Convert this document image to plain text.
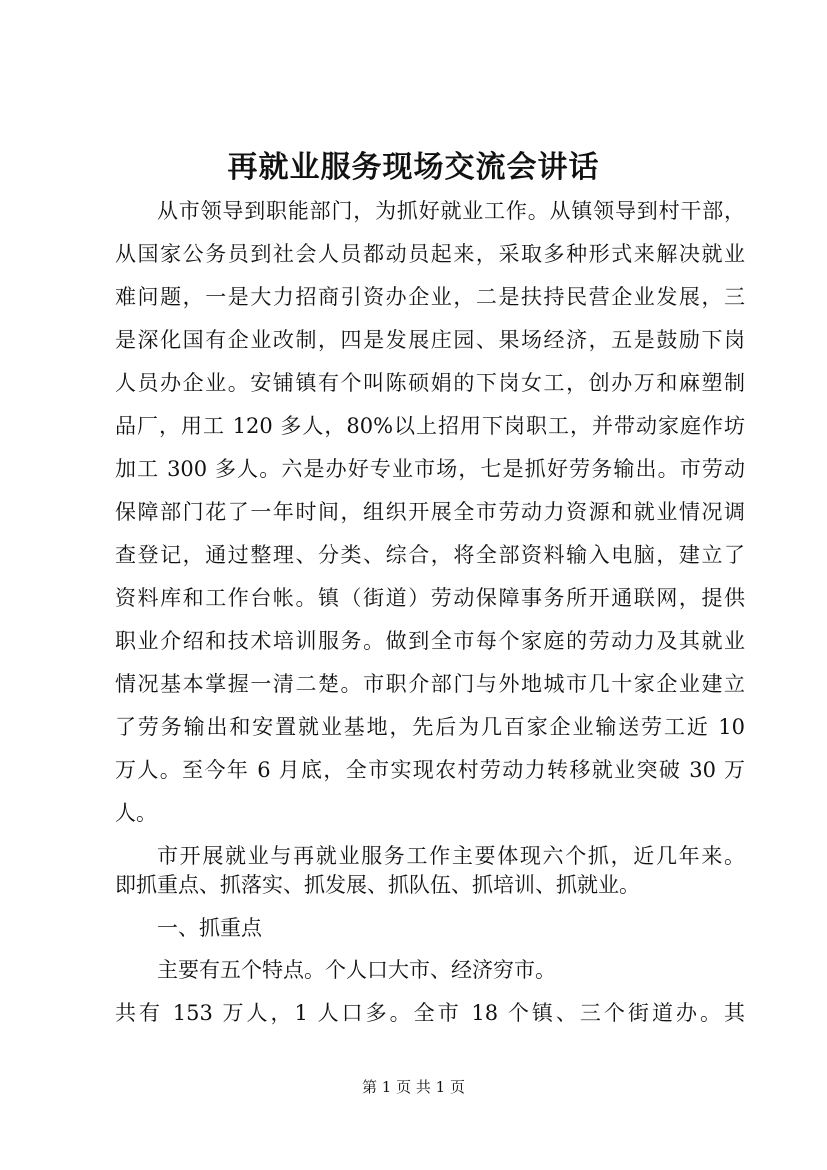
再就业服务现场交流会讲话
从市领导到职能部门，为抓好就业工作。从镇领导到村干部，
从国家公务员到社会人员都动员起来，采取多种形式来解决就业
难问题，一是大力招商引资办企业，二是扶持民营企业发展，三
是深化国有企业改制，四是发展庄园、果场经济，五是鼓励下岗
人员办企业。安铺镇有个叫陈硕娟的下岗女工，创办万和麻塑制
品厂，用工 120 多人，80%以上招用下岗职工，并带动家庭作坊
加工 300 多人。六是办好专业市场，七是抓好劳务输出。市劳动
保障部门花了一年时间，组织开展全市劳动力资源和就业情况调
查登记，通过整理、分类、综合，将全部资料输入电脑，建立了
资料库和工作台帐。镇（街道）劳动保障事务所开通联网，提供
职业介绍和技术培训服务。做到全市每个家庭的劳动力及其就业
情况基本掌握一清二楚。市职介部门与外地城市几十家企业建立
了劳务输出和安置就业基地，先后为几百家企业输送劳工近 10
万人。至今年 6 月底，全市实现农村劳动力转移就业突破 30 万
人。
市开展就业与再就业服务工作主要体现六个抓，近几年来。
即抓重点、抓落实、抓发展、抓队伍、抓培训、抓就业。
一、抓重点
主要有五个特点。个人口大市、经济穷市。
共有 153 万人，1 人口多。全市 18 个镇、三个街道办。其
第 1 页 共 1 页
